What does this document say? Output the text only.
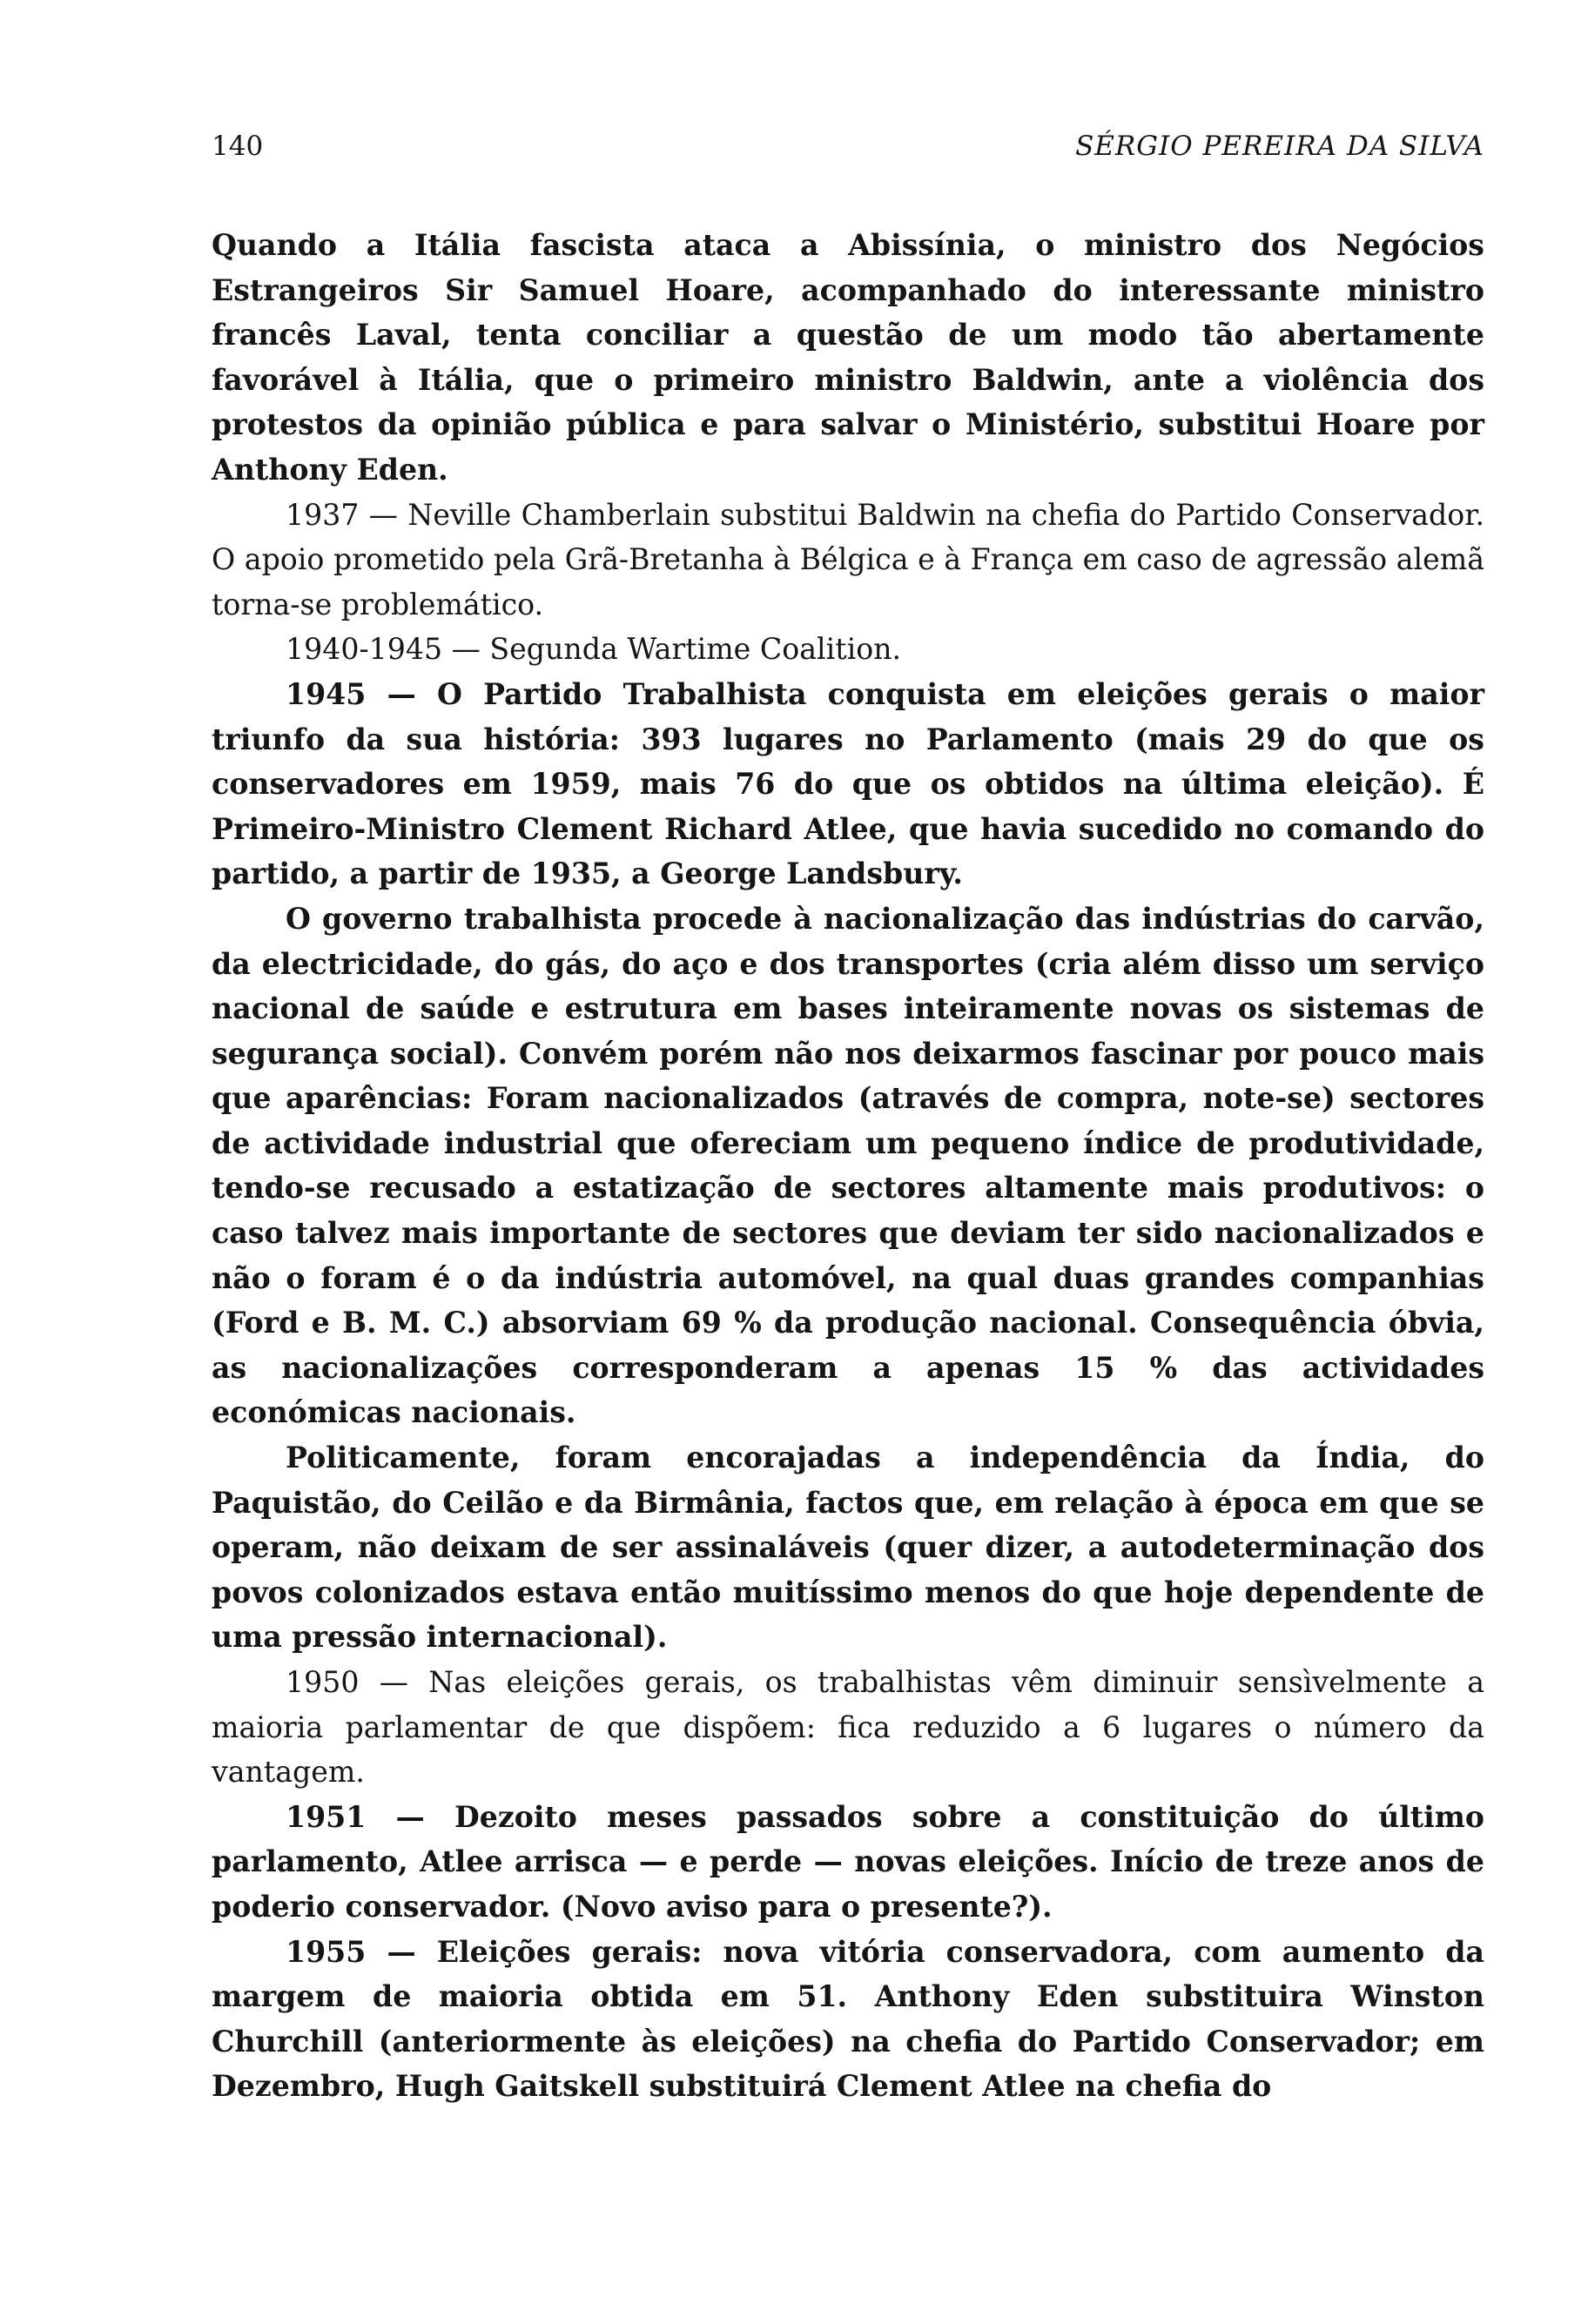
140	SÉRGIO PEREIRA DA SILVA

Quando a Itália fascista ataca a Abissínia, o ministro dos Negócios Estrangeiros Sir Samuel Hoare, acompanhado do interessante ministro francês Laval, tenta conciliar a questão de um modo tão abertamente favorável à Itália, que o primeiro ministro Baldwin, ante a violência dos protestos da opinião pública e para salvar o Ministério, substitui Hoare por Anthony Eden.

1937 — Neville Chamberlain substitui Baldwin na chefia do Partido Conservador. O apoio prometido pela Grã-Bretanha à Bélgica e à França em caso de agressão alemã torna-se problemático.

1940-1945 — Segunda Wartime Coalition.

1945 — O Partido Trabalhista conquista em eleições gerais o maior triunfo da sua história: 393 lugares no Parlamento (mais 29 do que os conservadores em 1959, mais 76 do que os obtidos na última eleição). É Primeiro-Ministro Clement Richard Atlee, que havia sucedido no comando do partido, a partir de 1935, a George Landsbury.

O governo trabalhista procede à nacionalização das indústrias do carvão, da electricidade, do gás, do aço e dos transportes (cria além disso um serviço nacional de saúde e estrutura em bases inteiramente novas os sistemas de segurança social). Convém porém não nos deixarmos fascinar por pouco mais que aparências: Foram nacionalizados (através de compra, note-se) sectores de actividade industrial que ofereciam um pequeno índice de produtividade, tendo-se recusado a estatização de sectores altamente mais produtivos: o caso talvez mais importante de sectores que deviam ter sido nacionalizados e não o foram é o da indústria automóvel, na qual duas grandes companhias (Ford e B. M. C.) absorviam 69 % da produção nacional. Consequência óbvia, as nacionalizações corresponderam a apenas 15 % das actividades económicas nacionais.

Politicamente, foram encorajadas a independência da Índia, do Paquistão, do Ceilão e da Birmânia, factos que, em relação à época em que se operam, não deixam de ser assinaláveis (quer dizer, a autodeterminação dos povos colonizados estava então muitíssimo menos do que hoje dependente de uma pressão internacional).

1950 — Nas eleições gerais, os trabalhistas vêm diminuir sensìvelmente a maioria parlamentar de que dispõem: fica reduzido a 6 lugares o número da vantagem.

1951 — Dezoito meses passados sobre a constituição do último parlamento, Atlee arrisca — e perde — novas eleições. Início de treze anos de poderio conservador. (Novo aviso para o presente?).

1955 — Eleições gerais: nova vitória conservadora, com aumento da margem de maioria obtida em 51. Anthony Eden substituira Winston Churchill (anteriormente às eleições) na chefia do Partido Conservador; em Dezembro, Hugh Gaitskell substituirá Clement Atlee na chefia do
